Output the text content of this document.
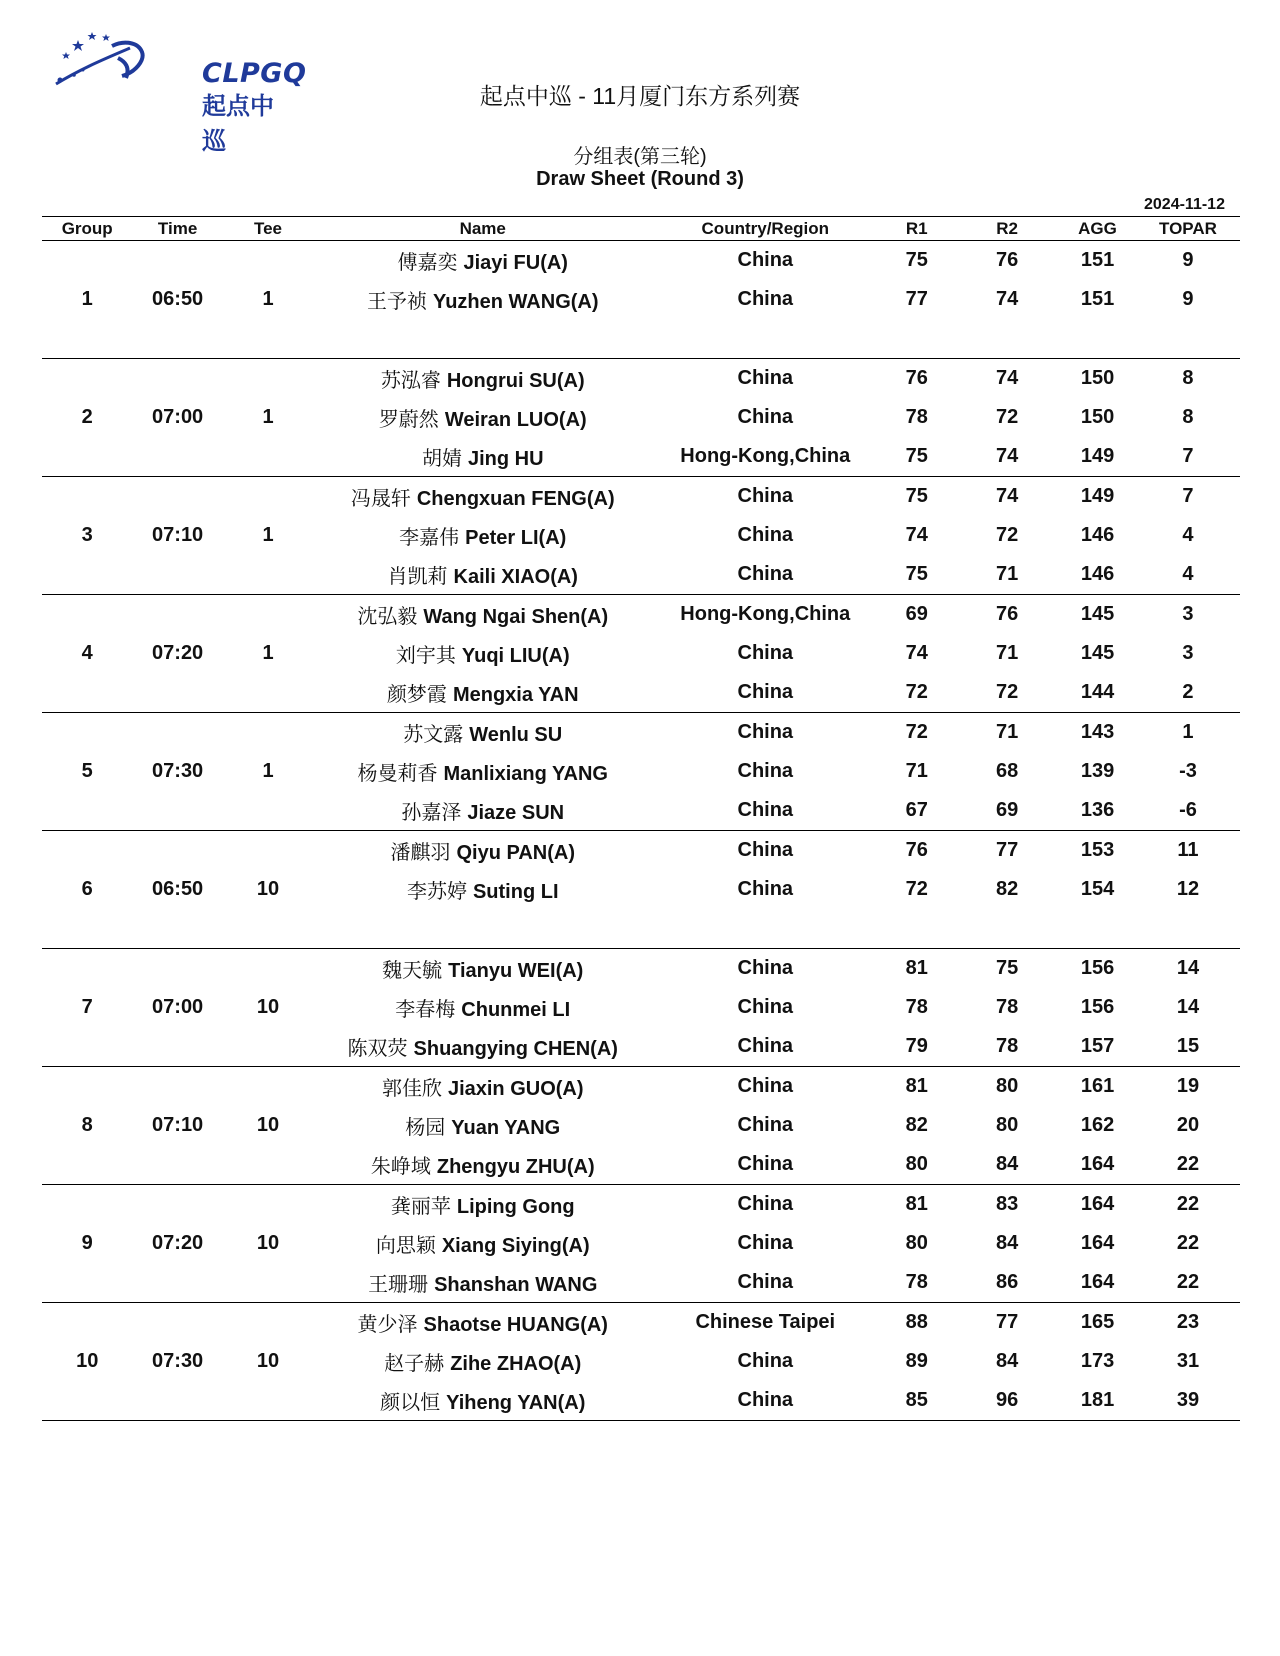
CLPGQ
起点中巡
起点中巡 - 11月厦门东方系列赛
分组表(第三轮)
Draw Sheet (Round 3)
2024-11-12
Group	Time	Tee	Name	Country/Region	R1	R2	AGG	TOPAR
1	06:50	1	傅嘉奕 Jiayi FU(A)	China	75	76	151	9
			王予祯 Yuzhen WANG(A)	China	77	74	151	9

2	07:00	1	苏泓睿 Hongrui SU(A)	China	76	74	150	8
			罗蔚然 Weiran LUO(A)	China	78	72	150	8
			胡婧 Jing HU	Hong-Kong,China	75	74	149	7
3	07:10	1	冯晟轩 Chengxuan FENG(A)	China	75	74	149	7
			李嘉伟 Peter LI(A)	China	74	72	146	4
			肖凯莉 Kaili XIAO(A)	China	75	71	146	4
4	07:20	1	沈弘毅 Wang Ngai Shen(A)	Hong-Kong,China	69	76	145	3
			刘宇其 Yuqi LIU(A)	China	74	71	145	3
			颜梦霞 Mengxia YAN	China	72	72	144	2
5	07:30	1	苏文露 Wenlu SU	China	72	71	143	1
			杨曼莉香 Manlixiang YANG	China	71	68	139	-3
			孙嘉泽 Jiaze SUN	China	67	69	136	-6
6	06:50	10	潘麒羽 Qiyu PAN(A)	China	76	77	153	11
			李苏婷 Suting LI	China	72	82	154	12

7	07:00	10	魏天毓 Tianyu WEI(A)	China	81	75	156	14
			李春梅 Chunmei LI	China	78	78	156	14
			陈双荧 Shuangying CHEN(A)	China	79	78	157	15
8	07:10	10	郭佳欣 Jiaxin GUO(A)	China	81	80	161	19
			杨园 Yuan YANG	China	82	80	162	20
			朱峥域 Zhengyu ZHU(A)	China	80	84	164	22
9	07:20	10	龚丽苹 Liping Gong	China	81	83	164	22
			向思颖 Xiang Siying(A)	China	80	84	164	22
			王珊珊 Shanshan WANG	China	78	86	164	22
10	07:30	10	黄少泽 Shaotse HUANG(A)	Chinese Taipei	88	77	165	23
			赵子赫 Zihe ZHAO(A)	China	89	84	173	31
			颜以恒 Yiheng YAN(A)	China	85	96	181	39
